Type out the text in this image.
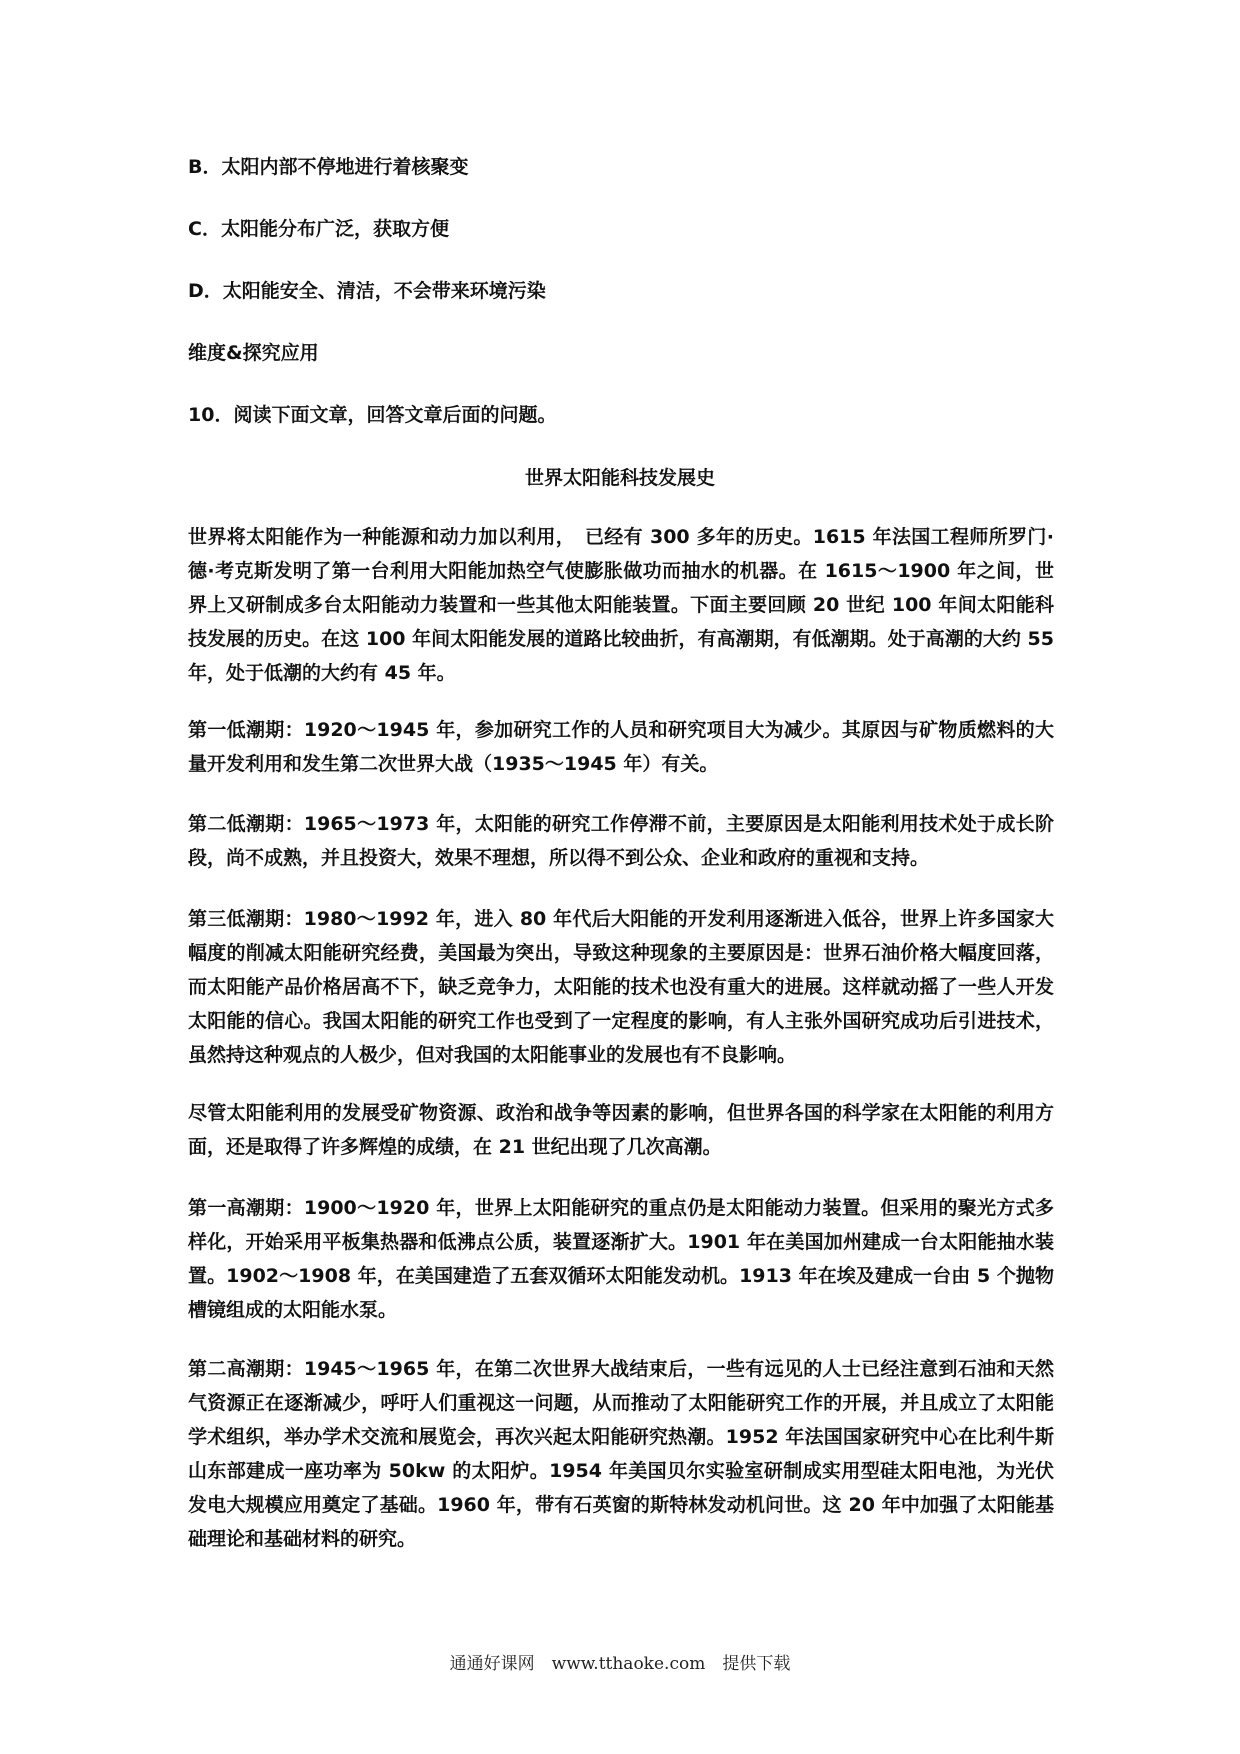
B．太阳内部不停地进行着核聚变

C．太阳能分布广泛，获取方便

D．太阳能安全、清洁，不会带来环境污染

维度&探究应用

10．阅读下面文章，回答文章后面的问题。

世界太阳能科技发展史

世界将太阳能作为一种能源和动力加以利用，　已经有 300 多年的历史。1615 年法国工程师所罗门·德·考克斯发明了第一台利用大阳能加热空气使膨胀做功而抽水的机器。在 1615～1900 年之间，世界上又研制成多台太阳能动力装置和一些其他太阳能装置。下面主要回顾 20 世纪 100 年间太阳能科技发展的历史。在这 100 年间太阳能发展的道路比较曲折，有高潮期，有低潮期。处于高潮的大约 55 年，处于低潮的大约有 45 年。

第一低潮期：1920～1945 年，参加研究工作的人员和研究项目大为减少。其原因与矿物质燃料的大量开发利用和发生第二次世界大战（1935～1945 年）有关。

第二低潮期：1965～1973 年，太阳能的研究工作停滞不前，主要原因是太阳能利用技术处于成长阶段，尚不成熟，并且投资大，效果不理想，所以得不到公众、企业和政府的重视和支持。

第三低潮期：1980～1992 年，进入 80 年代后大阳能的开发利用逐渐进入低谷，世界上许多国家大幅度的削减太阳能研究经费，美国最为突出，导致这种现象的主要原因是：世界石油价格大幅度回落，而太阳能产品价格居高不下，缺乏竞争力，太阳能的技术也没有重大的进展。这样就动摇了一些人开发太阳能的信心。我国太阳能的研究工作也受到了一定程度的影响，有人主张外国研究成功后引进技术，虽然持这种观点的人极少，但对我国的太阳能事业的发展也有不良影响。

尽管太阳能利用的发展受矿物资源、政治和战争等因素的影响，但世界各国的科学家在太阳能的利用方面，还是取得了许多辉煌的成绩，在 21 世纪出现了几次高潮。

第一高潮期：1900～1920 年，世界上太阳能研究的重点仍是太阳能动力装置。但采用的聚光方式多样化，开始采用平板集热器和低沸点公质，装置逐渐扩大。1901 年在美国加州建成一台太阳能抽水装置。1902～1908 年，在美国建造了五套双循环太阳能发动机。1913 年在埃及建成一台由 5 个抛物槽镜组成的太阳能水泵。

第二高潮期：1945～1965 年，在第二次世界大战结束后，一些有远见的人士已经注意到石油和天然气资源正在逐渐减少，呼吁人们重视这一问题，从而推动了太阳能研究工作的开展，并且成立了太阳能学术组织，举办学术交流和展览会，再次兴起太阳能研究热潮。1952 年法国国家研究中心在比利牛斯山东部建成一座功率为 50kw 的太阳炉。1954 年美国贝尔实验室研制成实用型硅太阳电池，为光伏发电大规模应用奠定了基础。1960 年，带有石英窗的斯特林发动机问世。这 20 年中加强了太阳能基础理论和基础材料的研究。

通通好课网　www.tthaoke.com　提供下载
